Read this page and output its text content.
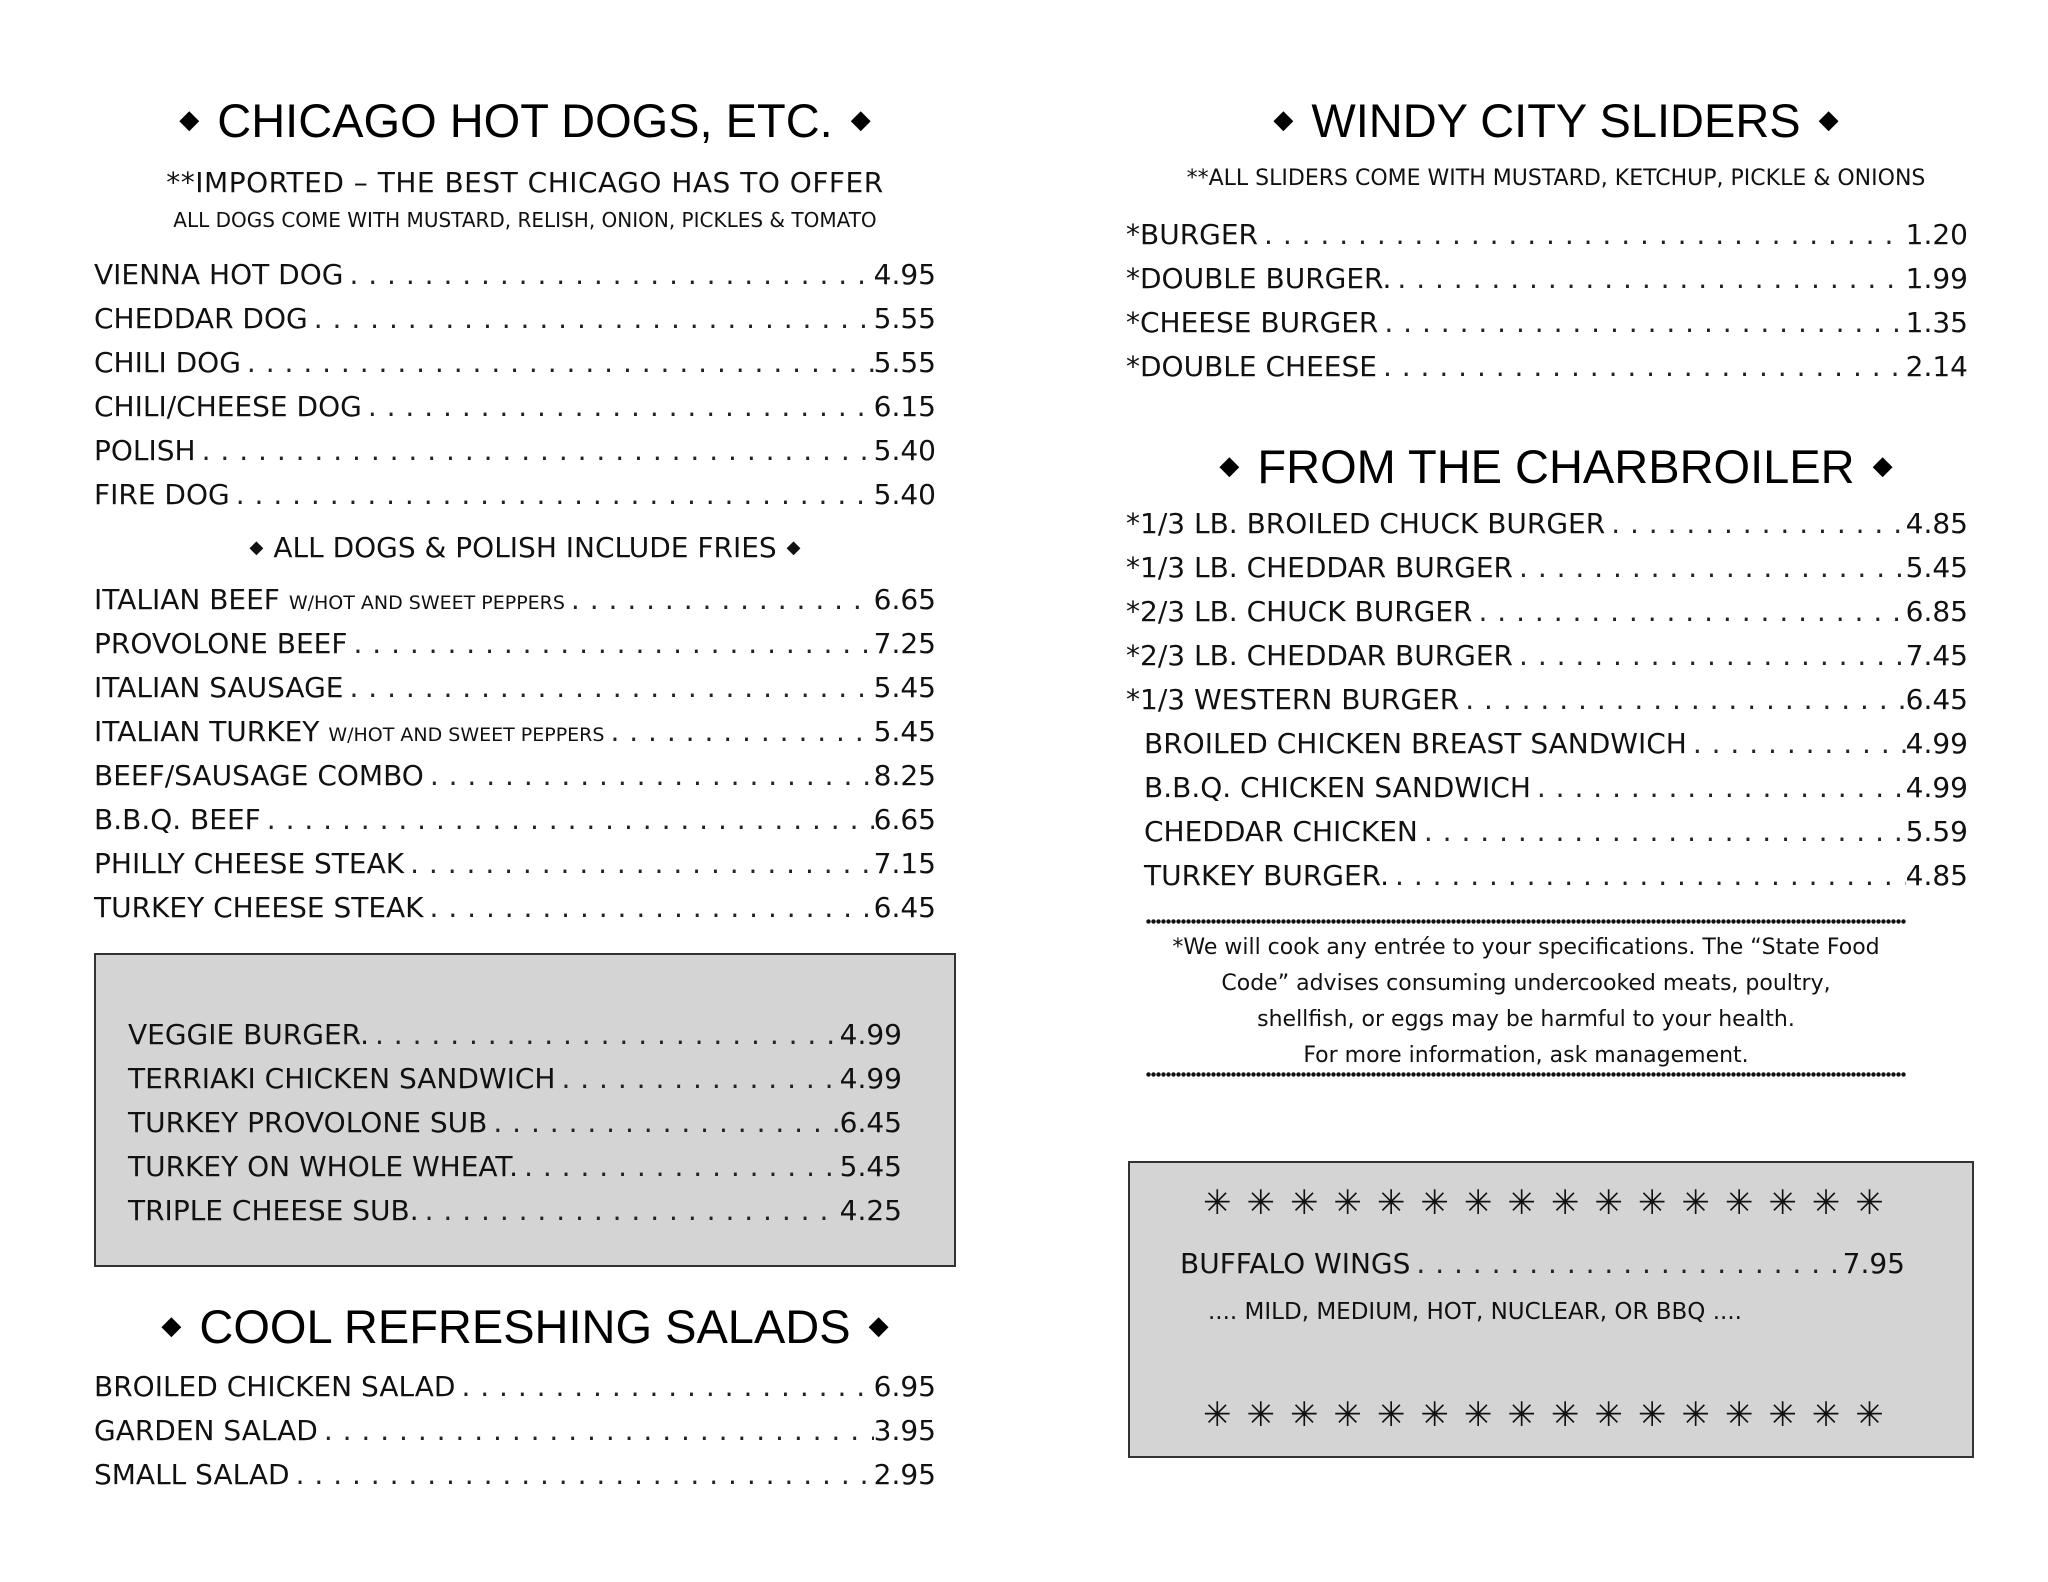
◆ CHICAGO HOT DOGS, ETC. ◆
**IMPORTED – THE BEST CHICAGO HAS TO OFFER
ALL DOGS COME WITH MUSTARD, RELISH, ONION, PICKLES & TOMATO
VIENNA HOT DOG . . .	4.95
CHEDDAR DOG . . .	5.55
CHILI DOG . . .	5.55
CHILI/CHEESE DOG . . .	6.15
POLISH . . .	5.40
FIRE DOG . . .	5.40
◆ ALL DOGS & POLISH INCLUDE FRIES ◆
ITALIAN BEEF W/HOT AND SWEET PEPPERS . . .	6.65
PROVOLONE BEEF . . .	7.25
ITALIAN SAUSAGE . . .	5.45
ITALIAN TURKEY W/HOT AND SWEET PEPPERS . . .	5.45
BEEF/SAUSAGE COMBO . . .	8.25
B.B.Q. BEEF . . .	6.65
PHILLY CHEESE STEAK . . .	7.15
TURKEY CHEESE STEAK . . .	6.45
VEGGIE BURGER. . . .	4.99
TERRIAKI CHICKEN SANDWICH . . .	4.99
TURKEY PROVOLONE SUB . . .	6.45
TURKEY ON WHOLE WHEAT. . . .	5.45
TRIPLE CHEESE SUB. . . .	4.25
◆ COOL REFRESHING SALADS ◆
BROILED CHICKEN SALAD . . .	6.95
GARDEN SALAD . . .	3.95
SMALL SALAD . . .	2.95
◆ WINDY CITY SLIDERS ◆
**ALL SLIDERS COME WITH MUSTARD, KETCHUP, PICKLE & ONIONS
*BURGER . . .	1.20
*DOUBLE BURGER. . . .	1.99
*CHEESE BURGER . . .	1.35
*DOUBLE CHEESE . . .	2.14
◆ FROM THE CHARBROILER ◆
*1/3 LB. BROILED CHUCK BURGER . . .	4.85
*1/3 LB. CHEDDAR BURGER . . .	5.45
*2/3 LB. CHUCK BURGER . . .	6.85
*2/3 LB. CHEDDAR BURGER . . .	7.45
*1/3 WESTERN BURGER . . .	6.45
BROILED CHICKEN BREAST SANDWICH . . .	4.99
B.B.Q. CHICKEN SANDWICH . . .	4.99
CHEDDAR CHICKEN . . .	5.59
TURKEY BURGER. . . .	4.85
*We will cook any entrée to your specifications. The “State Food
Code” advises consuming undercooked meats, poultry,
shellfish, or eggs may be harmful to your health.
For more information, ask management.
✳✳✳✳✳✳✳✳✳✳✳✳✳✳✳✳
BUFFALO WINGS . . .	7.95
.... MILD, MEDIUM, HOT, NUCLEAR, OR BBQ ....
✳✳✳✳✳✳✳✳✳✳✳✳✳✳✳✳
